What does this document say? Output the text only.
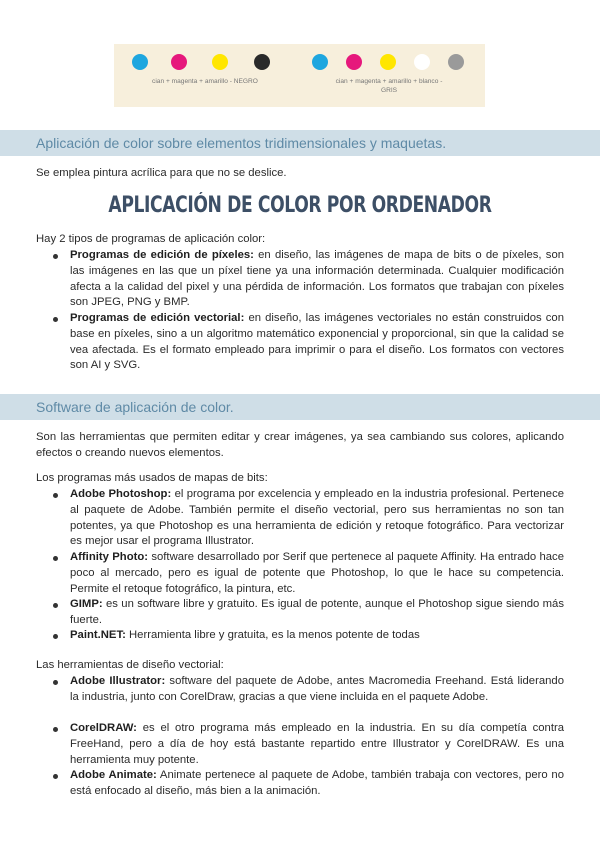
cian + magenta + amarillo - NEGRO	cian + magenta + amarillo + blanco -
GRIS
Aplicación de color sobre elementos tridimensionales y maquetas.

Se emplea pintura acrílica para que no se deslice.

APLICACIÓN DE COLOR POR ORDENADOR

Hay 2 tipos de programas de aplicación color:

Programas de edición de píxeles: en diseño, las imágenes de mapa de bits o de píxeles, son las imágenes en las que un píxel tiene ya una información determinada. Cualquier modificación afecta a la calidad del pixel y una pérdida de información. Los formatos que trabajan con píxeles son JPEG, PNG y BMP.
Programas de edición vectorial: en diseño, las imágenes vectoriales no están construidos con base en píxeles, sino a un algoritmo matemático exponencial y proporcional, sin que la calidad se vea afectada. Es el formato empleado para imprimir o para el diseño. Los formatos con vectores son AI y SVG.
Software de aplicación de color.

Son las herramientas que permiten editar y crear imágenes, ya sea cambiando sus colores, aplicando efectos o creando nuevos elementos.

Los programas más usados de mapas de bits:

Adobe Photoshop: el programa por excelencia y empleado en la industria profesional. Pertenece al paquete de Adobe. También permite el diseño vectorial, pero sus herramientas no son tan potentes, ya que Photoshop es una herramienta de edición y retoque fotográfico. Para vectorizar es mejor usar el programa Illustrator.
Affinity Photo: software desarrollado por Serif que pertenece al paquete Affinity. Ha entrado hace poco al mercado, pero es igual de potente que Photoshop, lo que le hace su competencia. Permite el retoque fotográfico, la pintura, etc.
GIMP: es un software libre y gratuito. Es igual de potente, aunque el Photoshop sigue siendo más fuerte.
Paint.NET: Herramienta libre y gratuita, es la menos potente de todas

Las herramientas de diseño vectorial:

Adobe Illustrator: software del paquete de Adobe, antes Macromedia Freehand. Está liderando la industria, junto con CorelDraw, gracias a que viene incluida en el paquete Adobe.
CorelDRAW: es el otro programa más empleado en la industria. En su día competía contra FreeHand, pero a día de hoy está bastante repartido entre Illustrator y CorelDRAW. Es una herramienta muy potente.
Adobe Animate: Animate pertenece al paquete de Adobe, también trabaja con vectores, pero no está enfocado al diseño, más bien a la animación.
